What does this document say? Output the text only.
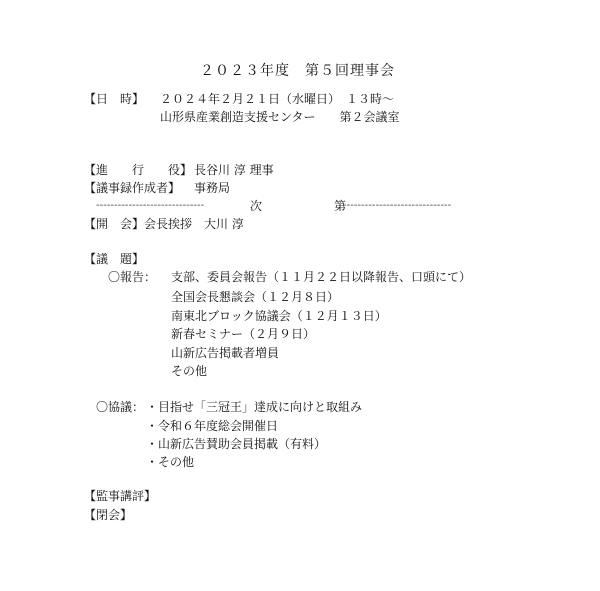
２０２３年度　第５回理事会
【日　時】 ２０２４年２月２１日（水曜日）　１３時～
山形県産業創造支援センター　　第２会議室
【進　　行　　役】 長谷川 淳 理事
【議事録作成者】 事務局
------------------------------	次　　　　　　第
------------------------------
【開　会】会長挨拶　大川 淳
【議　題】
〇報告： 支部、委員会報告（１１月２２日以降報告、口頭にて）
全国会長懇談会（１２月８日）
南東北ブロック協議会（１２月１３日）
新春セミナー（２月９日）
山新広告掲載者増員
その他
〇協議： ・目指せ「三冠王」達成に向けと取組み
・令和６年度総会開催日
・山新広告賛助会員掲載（有料）
・その他
【監事講評】
【閉会】
